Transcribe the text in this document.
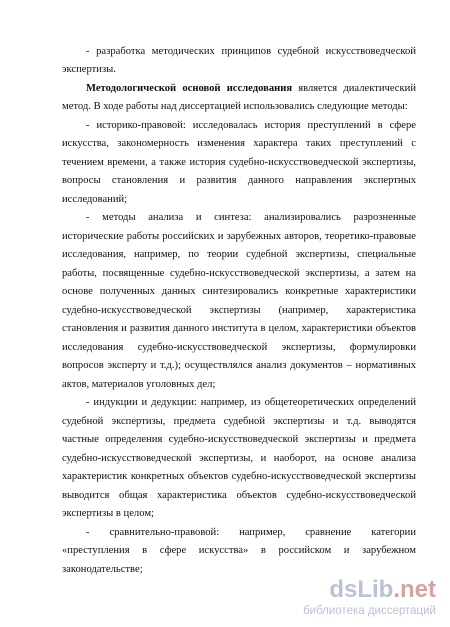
- разработка методических принципов судебной искусствоведческой
экспертизы.
Методологической основой исследования является диалектический
метод. В ходе работы над диссертацией использовались следующие методы:
- историко-правовой: исследовалась история преступлений в сфере
искусства, закономерность изменения характера таких преступлений с
течением времени, а также история судебно-искусствоведческой экспертизы,
вопросы становления и развития данного направления экспертных
исследований;
- методы анализа и синтеза: анализировались разрозненные
исторические работы российских и зарубежных авторов, теоретико-правовые
исследования, например, по теории судебной экспертизы, специальные
работы, посвященные судебно-искусствоведческой экспертизы, а затем на
основе полученных данных синтезировались конкретные характеристики
судебно-искусствоведческой экспертизы (например, характеристика
становления и развития данного института в целом, характеристики объектов
исследования судебно-искусствоведческой экспертизы, формулировки
вопросов эксперту и т.д.); осуществлялся анализ документов – нормативных
актов, материалов уголовных дел;
- индукции и дедукции: например, из общетеоретических определений
судебной экспертизы, предмета судебной экспертизы и т.д. выводятся
частные определения судебно-искусствоведческой экспертизы и предмета
судебно-искусствоведческой экспертизы, и наоборот, на основе анализа
характеристик конкретных объектов судебно-искусствоведческой экспертизы
выводится общая характеристика объектов судебно-искусствоведческой
экспертизы в целом;
- сравнительно-правовой: например, сравнение категории
«преступления в сфере искусства» в российском и зарубежном
законодательстве;
dsLib.net
библиотека диссертаций
